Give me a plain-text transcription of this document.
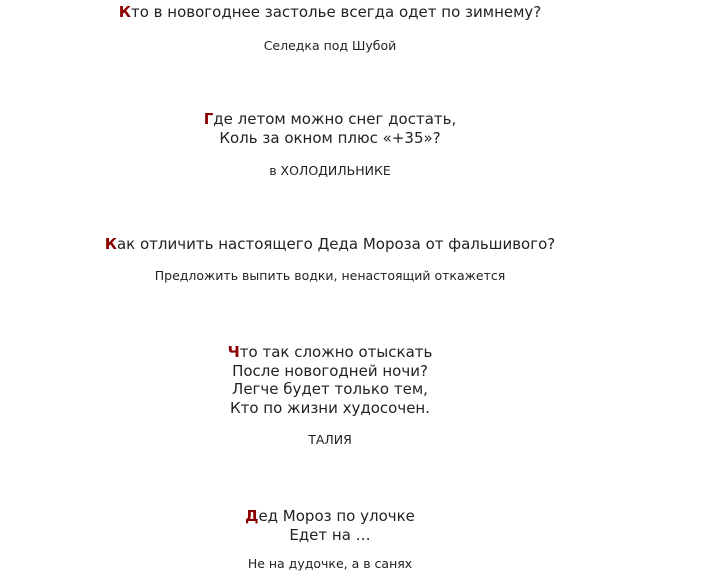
Кто в новогоднее застолье всегда одет по зимнему?

Селедка под Шубой

Где летом можно снег достать,
Коль за окном плюс «+35»?

в ХОЛОДИЛЬНИКЕ

Как отличить настоящего Деда Мороза от фальшивого?

Предложить выпить водки, ненастоящий откажется

Что так сложно отыскать
После новогодней ночи?
Легче будет только тем,
Кто по жизни худосочен.

ТАЛИЯ

Дед Мороз по улочке
Едет на …

Не на дудочке, а в санях
